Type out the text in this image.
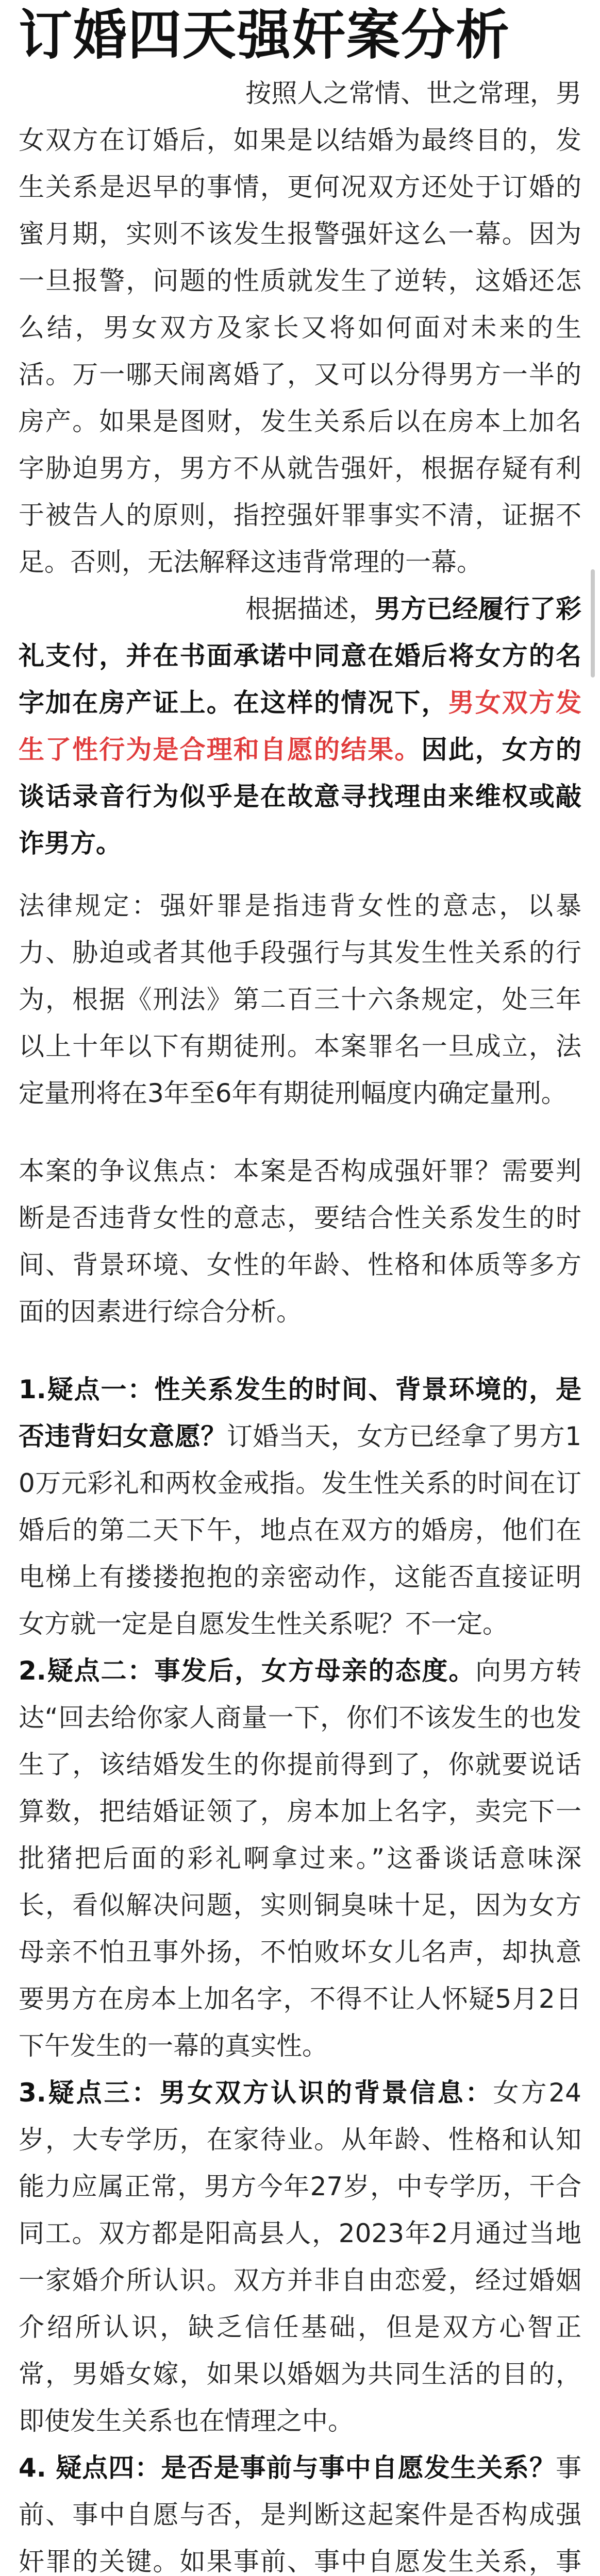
订婚四天强奸案分析

按照人之常情、世之常理，男女双方在订婚后，如果是以结婚为最终目的，发生关系是迟早的事情，更何况双方还处于订婚的蜜月期，实则不该发生报警强奸这么一幕。因为一旦报警，问题的性质就发生了逆转，这婚还怎么结，男女双方及家长又将如何面对未来的生活。万一哪天闹离婚了，又可以分得男方一半的房产。如果是图财，发生关系后以在房本上加名字胁迫男方，男方不从就告强奸，根据存疑有利于被告人的原则，指控强奸罪事实不清，证据不足。否则，无法解释这违背常理的一幕。

根据描述，男方已经履行了彩礼支付，并在书面承诺中同意在婚后将女方的名字加在房产证上。在这样的情况下，男女双方发生了性行为是合理和自愿的结果。因此，女方的谈话录音行为似乎是在故意寻找理由来维权或敲诈男方。

法律规定：强奸罪是指违背女性的意志，以暴力、胁迫或者其他手段强行与其发生性关系的行为，根据《刑法》第二百三十六条规定，处三年以上十年以下有期徒刑。本案罪名一旦成立，法定量刑将在3年至6年有期徒刑幅度内确定量刑。

本案的争议焦点：本案是否构成强奸罪？需要判断是否违背女性的意志，要结合性关系发生的时间、背景环境、女性的年龄、性格和体质等多方面的因素进行综合分析。

1.疑点一：性关系发生的时间、背景环境的，是否违背妇女意愿？订婚当天，女方已经拿了男方10万元彩礼和两枚金戒指。发生性关系的时间在订婚后的第二天下午，地点在双方的婚房，他们在电梯上有搂搂抱抱的亲密动作，这能否直接证明女方就一定是自愿发生性关系呢？不一定。

2.疑点二：事发后，女方母亲的态度。向男方转达“回去给你家人商量一下，你们不该发生的也发生了，该结婚发生的你提前得到了，你就要说话算数，把结婚证领了，房本加上名字，卖完下一批猪把后面的彩礼啊拿过来。”这番谈话意味深长，看似解决问题，实则铜臭味十足，因为女方母亲不怕丑事外扬，不怕败坏女儿名声，却执意要男方在房本上加名字，不得不让人怀疑5月2日下午发生的一幕的真实性。

3.疑点三：男女双方认识的背景信息：女方24岁，大专学历，在家待业。从年龄、性格和认知能力应属正常，男方今年27岁，中专学历，干合同工。双方都是阳高县人，2023年2月通过当地一家婚介所认识。双方并非自由恋爱，经过婚姻介绍所认识，缺乏信任基础，但是双方心智正常，男婚女嫁，如果以婚姻为共同生活的目的，即使发生关系也在情理之中。

4. 疑点四：是否是事前与事中自愿发生关系？事前、事中自愿与否，是判断这起案件是否构成强奸罪的关键。如果事前、事中自愿发生关系，事
